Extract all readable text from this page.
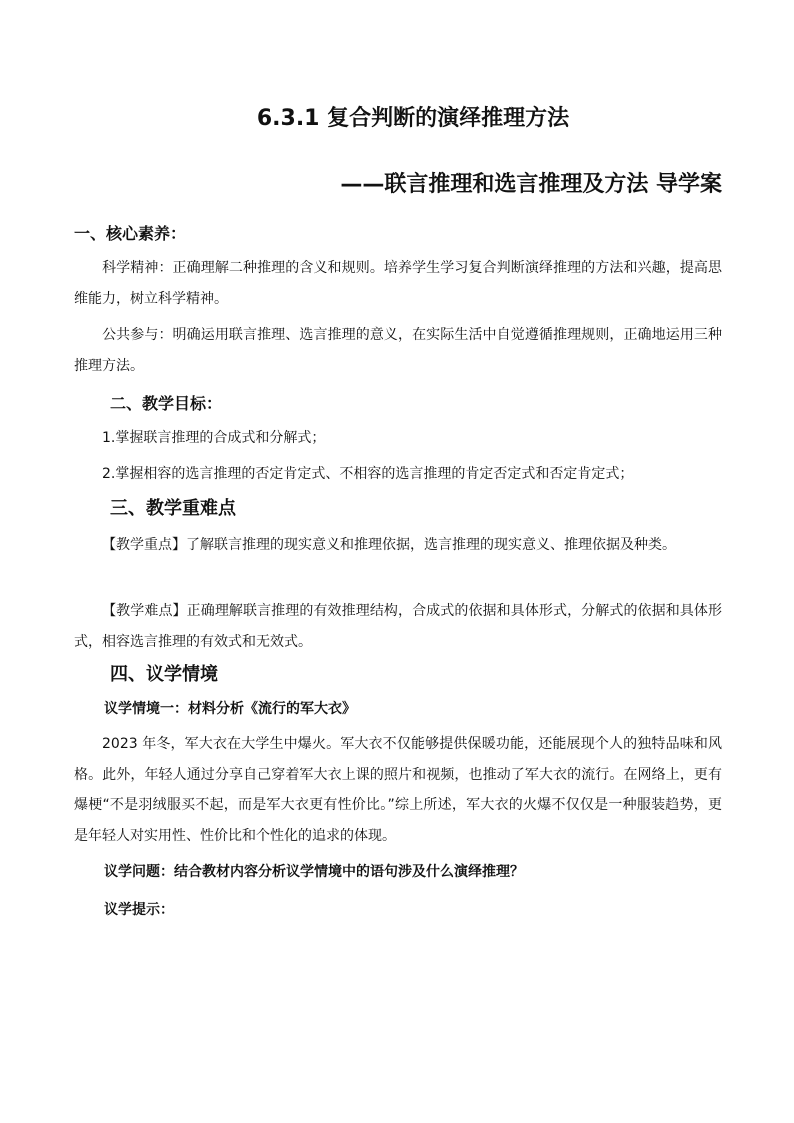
6.3.1 复合判断的演绎推理方法
——联言推理和选言推理及方法 导学案
一、核心素养：
科学精神：正确理解二种推理的含义和规则。培养学生学习复合判断演绎推理的方法和兴趣，提高思维能力，树立科学精神。
公共参与：明确运用联言推理、选言推理的意义，在实际生活中自觉遵循推理规则，正确地运用三种推理方法。
二、教学目标：
1.掌握联言推理的合成式和分解式；
2.掌握相容的选言推理的否定肯定式、不相容的选言推理的肯定否定式和否定肯定式；
三、教学重难点
【教学重点】了解联言推理的现实意义和推理依据，选言推理的现实意义、推理依据及种类。
【教学难点】正确理解联言推理的有效推理结构，合成式的依据和具体形式，分解式的依据和具体形式，相容选言推理的有效式和无效式。
四、议学情境
议学情境一：材料分析《流行的军大衣》
2023 年冬，军大衣在大学生中爆火。军大衣不仅能够提供保暖功能，还能展现个人的独特品味和风格。此外，年轻人通过分享自己穿着军大衣上课的照片和视频，也推动了军大衣的流行。在网络上，更有爆梗“不是羽绒服买不起，而是军大衣更有性价比。”综上所述，军大衣的火爆不仅仅是一种服装趋势，更是年轻人对实用性、性价比和个性化的追求的体现。
议学问题：结合教材内容分析议学情境中的语句涉及什么演绎推理？
议学提示：
